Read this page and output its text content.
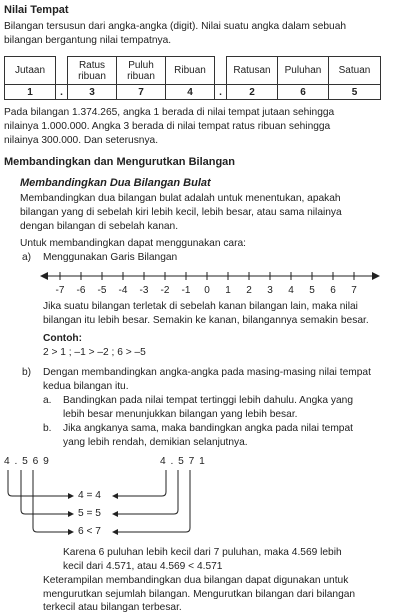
Nilai Tempat

Bilangan tersusun dari angka-angka (digit). Nilai suatu angka dalam sebuah

bilangan bergantung nilai tempatnya.

Jutaan		Ratus ribuan	Puluh ribuan	Ribuan		Ratusan	Puluhan	Satuan
1	.	3	7	4	.	2	6	5

Pada bilangan 1.374.265, angka 1 berada di nilai tempat jutaan sehingga

nilainya 1.000.000. Angka 3 berada di nilai tempat ratus ribuan sehingga

nilainya 300.000. Dan seterusnya.

Membandingkan dan Mengurutkan Bilangan
Membandingkan Dua Bilangan Bulat

Membandingkan dua bilangan bulat adalah untuk menentukan, apakah

bilangan yang di sebelah kiri lebih kecil, lebih besar, atau sama nilainya

dengan bilangan di sebelah kanan.

Untuk membandingkan dapat menggunakan cara:

a) Menggunakan Garis Bilangan

-7 -6 -5 -4 -3 -2 -1 0 1 2 3 4 5 6 7

Jika suatu bilangan terletak di sebelah kanan bilangan lain, maka nilai

bilangan itu lebih besar. Semakin ke kanan, bilangannya semakin besar.

Contoh:

2 > 1 ; –1 > –2 ; 6 > –5

b) Dengan membandingkan angka-angka pada masing-masing nilai tempat

kedua bilangan itu.

a. Bandingkan pada nilai tempat tertinggi lebih dahulu. Angka yang

lebih besar menunjukkan bilangan yang lebih besar.

b. Jika angkanya sama, maka bandingkan angka pada nilai tempat

yang lebih rendah, demikian selanjutnya.

4 . 5 6 9	4 . 5 7 1
4 = 4
5 = 5
6 < 7

Karena 6 puluhan lebih kecil dari 7 puluhan, maka 4.569 lebih

kecil dari 4.571, atau 4.569 < 4.571

Keterampilan membandingkan dua bilangan dapat digunakan untuk

mengurutkan sejumlah bilangan. Mengurutkan bilangan dari bilangan

terkecil atau bilangan terbesar.
